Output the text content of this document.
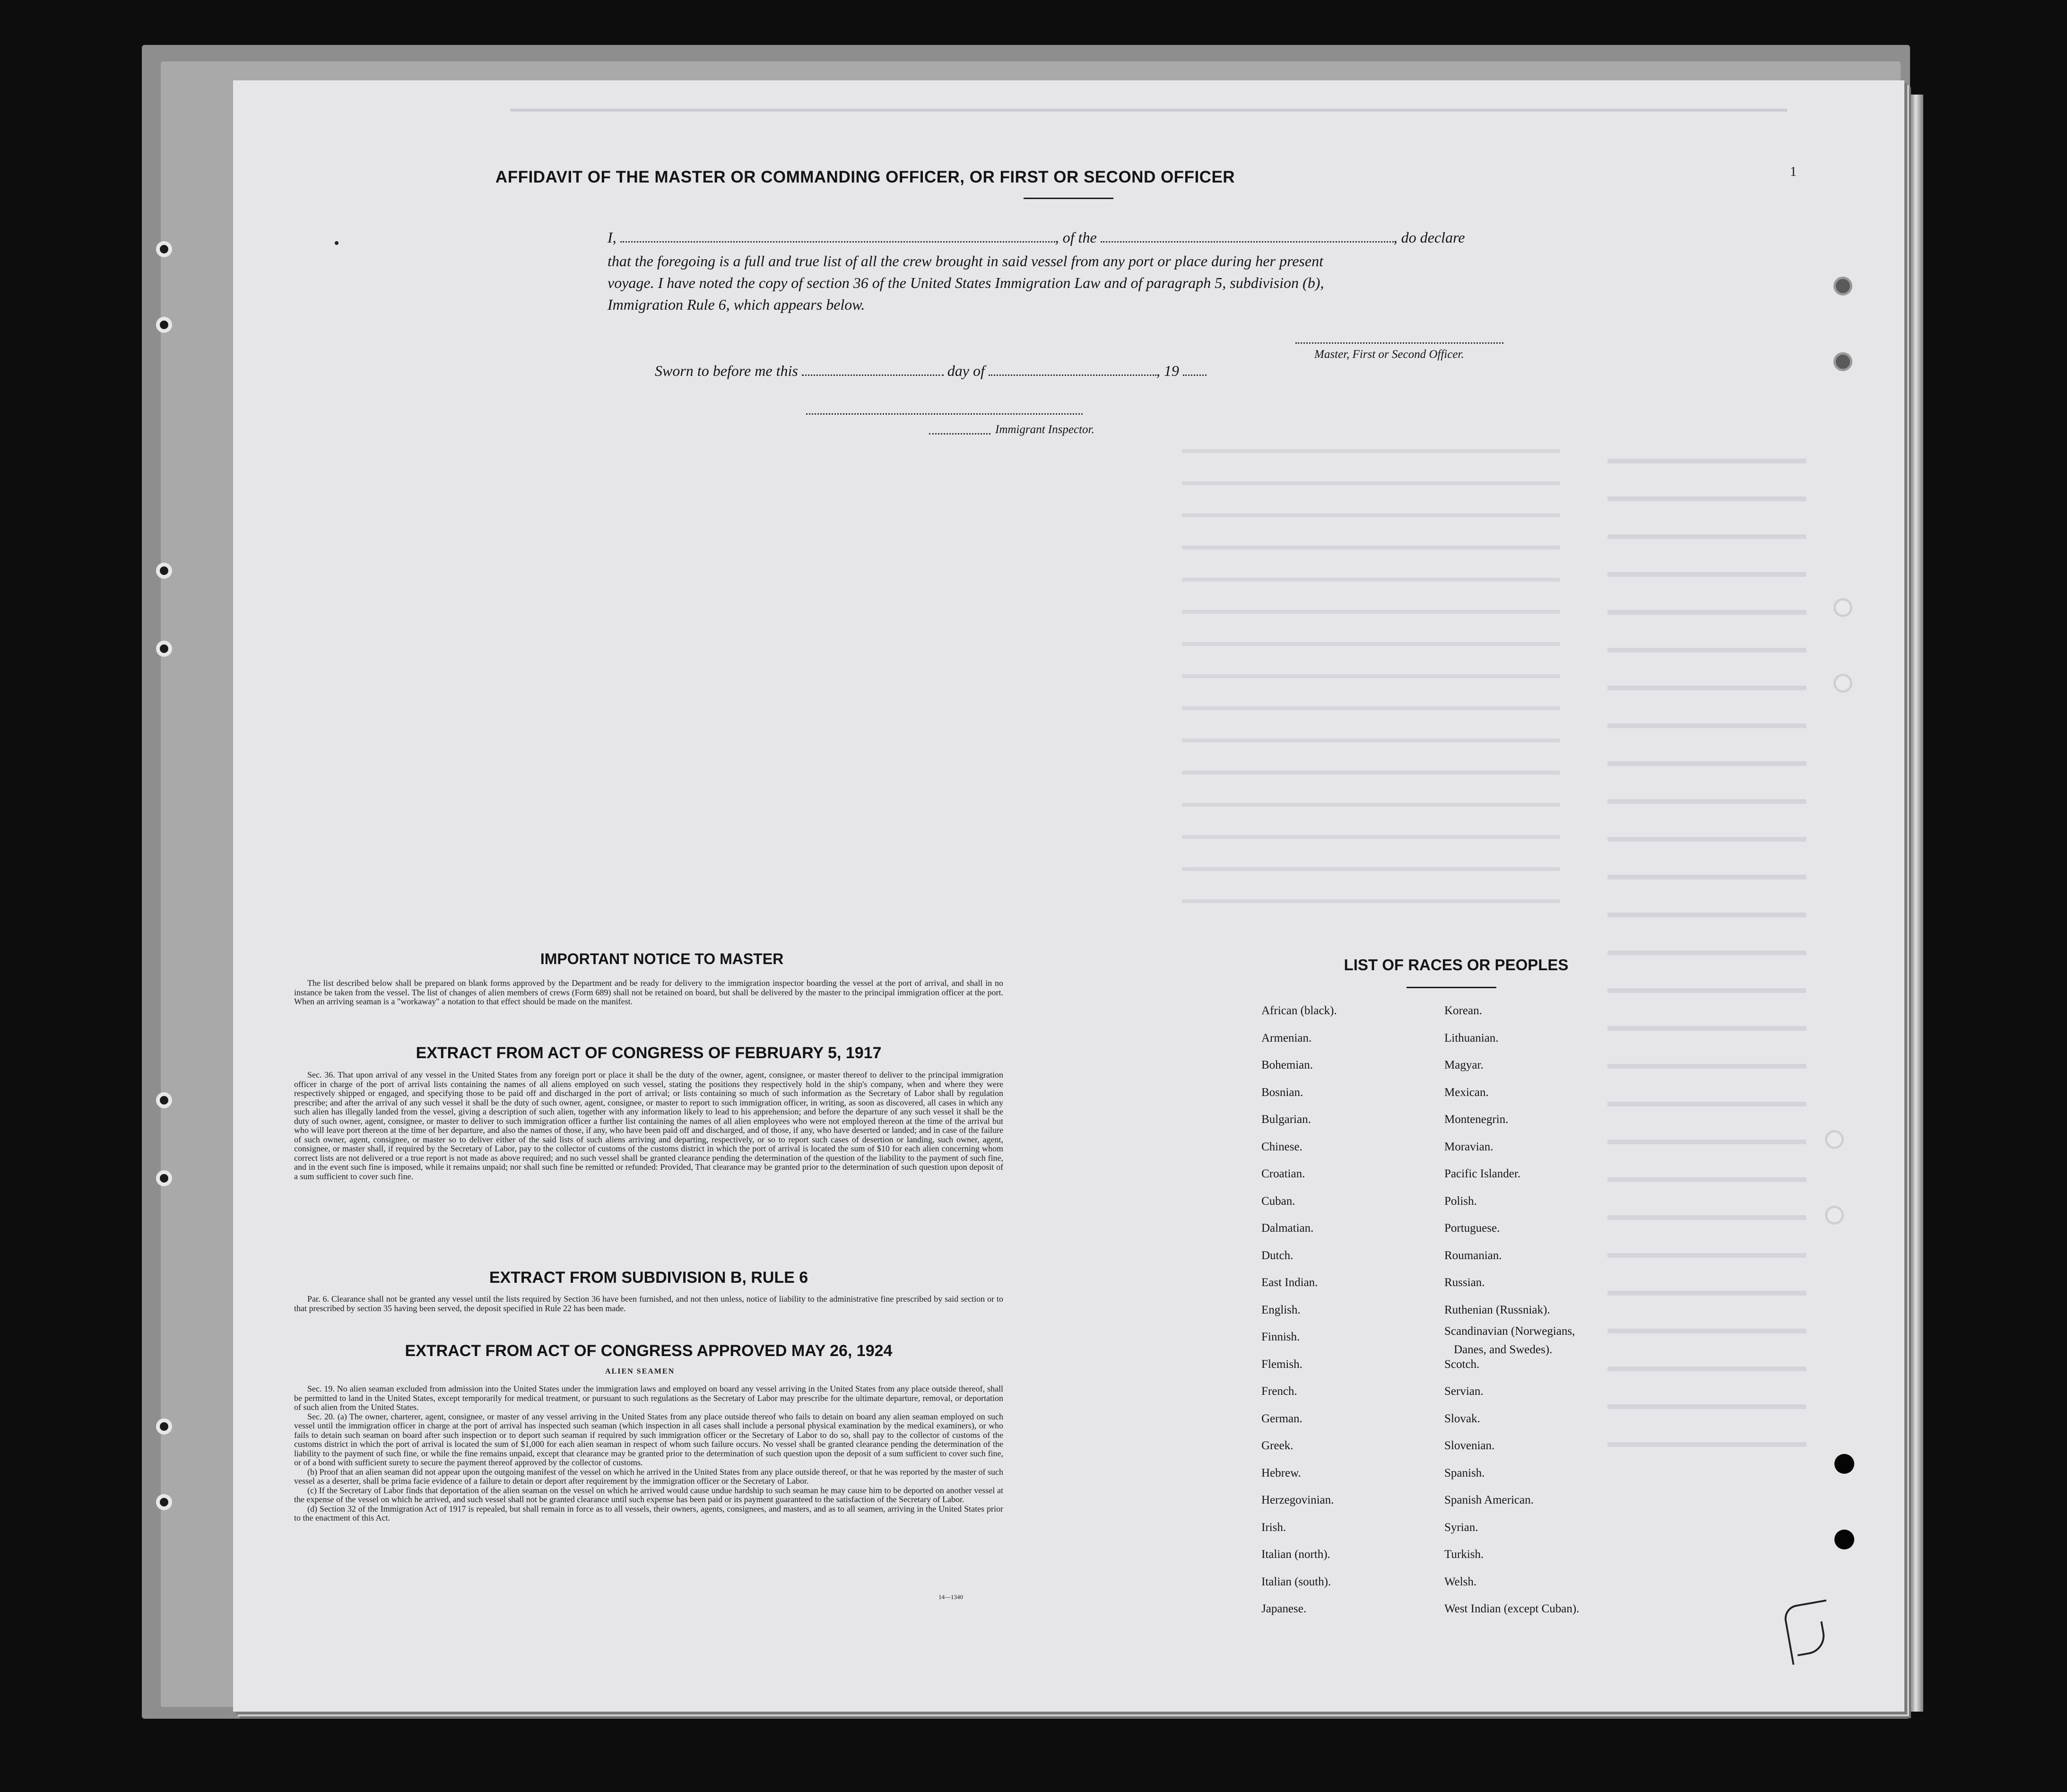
AFFIDAVIT OF THE MASTER OR COMMANDING OFFICER, OR FIRST OR SECOND OFFICER
I,	, of the	, do declare
that the foregoing is a full and true list of all the crew brought in said vessel from any port or place during her present
voyage. I have noted the copy of section 36 of the United States Immigration Law and of paragraph 5, subdivision (b),
Immigration Rule 6, which appears below.
Master, First or Second Officer.
Sworn to before me this	day of	, 19
Immigrant Inspector.
1
IMPORTANT NOTICE TO MASTER

The list described below shall be prepared on blank forms approved by the Department and be ready for delivery to the immigration inspector boarding the vessel at the port of arrival, and shall in no instance be taken from the vessel. The list of changes of alien members of crews (Form 689) shall not be retained on board, but shall be delivered by the master to the principal immigration officer at the port. When an arriving seaman is a "workaway" a notation to that effect should be made on the manifest.

EXTRACT FROM ACT OF CONGRESS OF FEBRUARY 5, 1917

Sec. 36. That upon arrival of any vessel in the United States from any foreign port or place it shall be the duty of the owner, agent, consignee, or master thereof to deliver to the principal immigration officer in charge of the port of arrival lists containing the names of all aliens employed on such vessel, stating the positions they respectively hold in the ship's company, when and where they were respectively shipped or engaged, and specifying those to be paid off and discharged in the port of arrival; or lists containing so much of such information as the Secretary of Labor shall by regulation prescribe; and after the arrival of any such vessel it shall be the duty of such owner, agent, consignee, or master to report to such immigration officer, in writing, as soon as discovered, all cases in which any such alien has illegally landed from the vessel, giving a description of such alien, together with any information likely to lead to his apprehension; and before the departure of any such vessel it shall be the duty of such owner, agent, consignee, or master to deliver to such immigration officer a further list containing the names of all alien employees who were not employed thereon at the time of the arrival but who will leave port thereon at the time of her departure, and also the names of those, if any, who have been paid off and discharged, and of those, if any, who have deserted or landed; and in case of the failure of such owner, agent, consignee, or master so to deliver either of the said lists of such aliens arriving and departing, respectively, or so to report such cases of desertion or landing, such owner, agent, consignee, or master shall, if required by the Secretary of Labor, pay to the collector of customs of the customs district in which the port of arrival is located the sum of $10 for each alien concerning whom correct lists are not delivered or a true report is not made as above required; and no such vessel shall be granted clearance pending the determination of the question of the liability to the payment of such fine, and in the event such fine is imposed, while it remains unpaid; nor shall such fine be remitted or refunded: Provided, That clearance may be granted prior to the determination of such question upon deposit of a sum sufficient to cover such fine.

EXTRACT FROM SUBDIVISION B, RULE 6

Par. 6. Clearance shall not be granted any vessel until the lists required by Section 36 have been furnished, and not then unless, notice of liability to the administrative fine prescribed by said section or to that prescribed by section 35 having been served, the deposit specified in Rule 22 has been made.

EXTRACT FROM ACT OF CONGRESS APPROVED MAY 26, 1924
ALIEN SEAMEN

Sec. 19. No alien seaman excluded from admission into the United States under the immigration laws and employed on board any vessel arriving in the United States from any place outside thereof, shall be permitted to land in the United States, except temporarily for medical treatment, or pursuant to such regulations as the Secretary of Labor may prescribe for the ultimate departure, removal, or deportation of such alien from the United States.

Sec. 20. (a) The owner, charterer, agent, consignee, or master of any vessel arriving in the United States from any place outside thereof who fails to detain on board any alien seaman employed on such vessel until the immigration officer in charge at the port of arrival has inspected such seaman (which inspection in all cases shall include a personal physical examination by the medical examiners), or who fails to detain such seaman on board after such inspection or to deport such seaman if required by such immigration officer or the Secretary of Labor to do so, shall pay to the collector of customs of the customs district in which the port of arrival is located the sum of $1,000 for each alien seaman in respect of whom such failure occurs. No vessel shall be granted clearance pending the determination of the liability to the payment of such fine, or while the fine remains unpaid, except that clearance may be granted prior to the determination of such question upon the deposit of a sum sufficient to cover such fine, or of a bond with sufficient surety to secure the payment thereof approved by the collector of customs.

(b) Proof that an alien seaman did not appear upon the outgoing manifest of the vessel on which he arrived in the United States from any place outside thereof, or that he was reported by the master of such vessel as a deserter, shall be prima facie evidence of a failure to detain or deport after requirement by the immigration officer or the Secretary of Labor.

(c) If the Secretary of Labor finds that deportation of the alien seaman on the vessel on which he arrived would cause undue hardship to such seaman he may cause him to be deported on another vessel at the expense of the vessel on which he arrived, and such vessel shall not be granted clearance until such expense has been paid or its payment guaranteed to the satisfaction of the Secretary of Labor.

(d) Section 32 of the Immigration Act of 1917 is repealed, but shall remain in force as to all vessels, their owners, agents, consignees, and masters, and as to all seamen, arriving in the United States prior to the enactment of this Act.

14—1340
LIST OF RACES OR PEOPLES
African (black).
Armenian.
Bohemian.
Bosnian.
Bulgarian.
Chinese.
Croatian.
Cuban.
Dalmatian.
Dutch.
East Indian.
English.
Finnish.
Flemish.
French.
German.
Greek.
Hebrew.
Herzegovinian.
Irish.
Italian (north).
Italian (south).
Japanese.
Korean.
Lithuanian.
Magyar.
Mexican.
Montenegrin.
Moravian.
Pacific Islander.
Polish.
Portuguese.
Roumanian.
Russian.
Ruthenian (Russniak).
Scandinavian (Norwegians,
Scotch.
Servian.
Slovak.
Slovenian.
Spanish.
Spanish American.
Syrian.
Turkish.
Welsh.
West Indian (except Cuban).
Danes, and Swedes).
